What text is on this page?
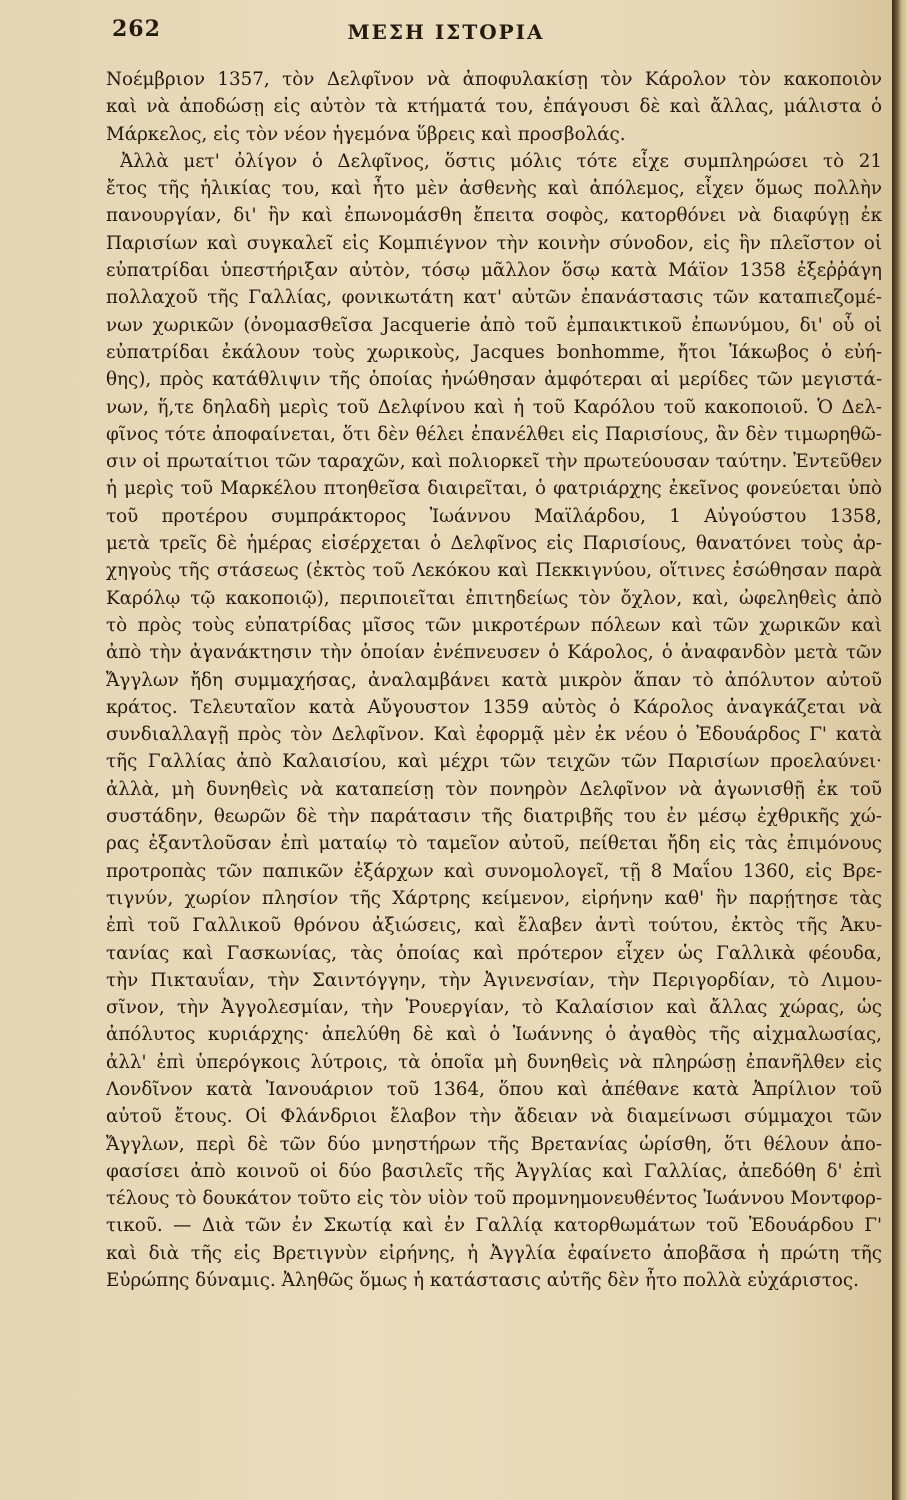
262	ΜΕΣΗ ΙΣΤΟΡΙΑ
Νοέμβριον 1357, τὸν Δελφῖνον νὰ ἀποφυλακίσῃ τὸν Κάρολον τὸν κακοποιὸν
καὶ νὰ ἀποδώσῃ εἰς αὐτὸν τὰ κτήματά του, ἐπάγουσι δὲ καὶ ἄλλας, μάλιστα ὁ
Μάρκελος, εἰς τὸν νέον ἡγεμόνα ὕβρεις καὶ προσβολάς.
Ἀλλὰ μετ' ὀλίγον ὁ Δελφῖνος, ὅστις μόλις τότε εἶχε συμπληρώσει τὸ 21
ἔτος τῆς ἡλικίας του, καὶ ἦτο μὲν ἀσθενὴς καὶ ἀπόλεμος, εἶχεν ὅμως πολλὴν
πανουργίαν, δι' ἣν καὶ ἐπωνομάσθη ἔπειτα σοφὸς, κατορθόνει νὰ διαφύγῃ ἐκ
Παρισίων καὶ συγκαλεῖ εἰς Κομπιέγνον τὴν κοινὴν σύνοδον, εἰς ἣν πλεῖστον οἱ
εὐπατρίδαι ὑπεστήριξαν αὐτὸν, τόσῳ μᾶλλον ὅσῳ κατὰ Μάϊον 1358 ἐξεῤῥάγη
πολλαχοῦ τῆς Γαλλίας, φονικωτάτη κατ' αὐτῶν ἐπανάστασις τῶν καταπιεζομέ-
νων χωρικῶν (ὀνομασθεῖσα Jacquerie ἀπὸ τοῦ ἐμπαικτικοῦ ἐπωνύμου, δι' οὗ οἱ
εὐπατρίδαι ἐκάλουν τοὺς χωρικοὺς, Jacques bonhomme, ἤτοι Ἰάκωβος ὁ εὐή-
θης), πρὸς κατάθλιψιν τῆς ὁποίας ἠνώθησαν ἀμφότεραι αἱ μερίδες τῶν μεγιστά-
νων, ἥ,τε δηλαδὴ μερὶς τοῦ Δελφίνου καὶ ἡ τοῦ Καρόλου τοῦ κακοποιοῦ. Ὁ Δελ-
φῖνος τότε ἀποφαίνεται, ὅτι δὲν θέλει ἐπανέλθει εἰς Παρισίους, ἂν δὲν τιμωρηθῶ-
σιν οἱ πρωταίτιοι τῶν ταραχῶν, καὶ πολιορκεῖ τὴν πρωτεύουσαν ταύτην. Ἐντεῦθεν
ἡ μερὶς τοῦ Μαρκέλου πτοηθεῖσα διαιρεῖται, ὁ φατριάρχης ἐκεῖνος φονεύεται ὑπὸ
τοῦ προτέρου συμπράκτορος Ἰωάννου Μαϊλάρδου, 1 Αὐγούστου 1358,
μετὰ τρεῖς δὲ ἡμέρας εἰσέρχεται ὁ Δελφῖνος εἰς Παρισίους, θανατόνει τοὺς ἀρ-
χηγοὺς τῆς στάσεως (ἐκτὸς τοῦ Λεκόκου καὶ Πεκκιγνύου, οἵτινες ἐσώθησαν παρὰ
Καρόλῳ τῷ κακοποιῷ), περιποιεῖται ἐπιτηδείως τὸν ὄχλον, καὶ, ὠφεληθεὶς ἀπὸ
τὸ πρὸς τοὺς εὐπατρίδας μῖσος τῶν μικροτέρων πόλεων καὶ τῶν χωρικῶν καὶ
ἀπὸ τὴν ἀγανάκτησιν τὴν ὁποίαν ἐνέπνευσεν ὁ Κάρολος, ὁ ἀναφανδὸν μετὰ τῶν
Ἄγγλων ἤδη συμμαχήσας, ἀναλαμβάνει κατὰ μικρὸν ἅπαν τὸ ἀπόλυτον αὐτοῦ
κράτος. Τελευταῖον κατὰ Αὔγουστον 1359 αὐτὸς ὁ Κάρολος ἀναγκάζεται νὰ
συνδιαλλαγῇ πρὸς τὸν Δελφῖνον. Καὶ ἐφορμᾷ μὲν ἐκ νέου ὁ Ἐδουάρδος Γ' κατὰ
τῆς Γαλλίας ἀπὸ Καλαισίου, καὶ μέχρι τῶν τειχῶν τῶν Παρισίων προελαύνει·
ἀλλὰ, μὴ δυνηθεὶς νὰ καταπείσῃ τὸν πονηρὸν Δελφῖνον νὰ ἀγωνισθῇ ἐκ τοῦ
συστάδην, θεωρῶν δὲ τὴν παράτασιν τῆς διατριβῆς του ἐν μέσῳ ἐχθρικῆς χώ-
ρας ἐξαντλοῦσαν ἐπὶ ματαίῳ τὸ ταμεῖον αὐτοῦ, πείθεται ἤδη εἰς τὰς ἐπιμόνους
προτροπὰς τῶν παπικῶν ἐξάρχων καὶ συνομολογεῖ, τῇ 8 Μαΐου 1360, εἰς Βρε-
τιγνύν, χωρίον πλησίον τῆς Χάρτρης κείμενον, εἰρήνην καθ' ἣν παρῄτησε τὰς
ἐπὶ τοῦ Γαλλικοῦ θρόνου ἀξιώσεις, καὶ ἔλαβεν ἀντὶ τούτου, ἐκτὸς τῆς Ἀκυ-
τανίας καὶ Γασκωνίας, τὰς ὁποίας καὶ πρότερον εἶχεν ὡς Γαλλικὰ φέουδα,
τὴν Πικταυΐαν, τὴν Σαιντόγγην, τὴν Ἀγινενσίαν, τὴν Περιγορδίαν, τὸ Λιμου-
σῖνον, τὴν Ἀγγολεσμίαν, τὴν Ῥουεργίαν, τὸ Καλαίσιον καὶ ἄλλας χώρας, ὡς
ἀπόλυτος κυριάρχης· ἀπελύθη δὲ καὶ ὁ Ἰωάννης ὁ ἀγαθὸς τῆς αἰχμαλωσίας,
ἀλλ' ἐπὶ ὑπερόγκοις λύτροις, τὰ ὁποῖα μὴ δυνηθεὶς νὰ πληρώσῃ ἐπανῆλθεν εἰς
Λονδῖνον κατὰ Ἰανουάριον τοῦ 1364, ὅπου καὶ ἀπέθανε κατὰ Ἀπρίλιον τοῦ
αὐτοῦ ἔτους. Οἱ Φλάνδριοι ἔλαβον τὴν ἄδειαν νὰ διαμείνωσι σύμμαχοι τῶν
Ἄγγλων, περὶ δὲ τῶν δύο μνηστήρων τῆς Βρετανίας ὡρίσθη, ὅτι θέλουν ἀπο-
φασίσει ἀπὸ κοινοῦ οἱ δύο βασιλεῖς τῆς Ἀγγλίας καὶ Γαλλίας, ἀπεδόθη δ' ἐπὶ
τέλους τὸ δουκάτον τοῦτο εἰς τὸν υἱὸν τοῦ προμνημονευθέντος Ἰωάννου Μοντφορ-
τικοῦ. — Διὰ τῶν ἐν Σκωτίᾳ καὶ ἐν Γαλλίᾳ κατορθωμάτων τοῦ Ἐδουάρδου Γ'
καὶ διὰ τῆς εἰς Βρετιγνὺν εἰρήνης, ἡ Ἀγγλία ἐφαίνετο ἀποβᾶσα ἡ πρώτη τῆς
Εὐρώπης δύναμις. Ἀληθῶς ὅμως ἡ κατάστασις αὐτῆς δὲν ἦτο πολλὰ εὐχάριστος.
